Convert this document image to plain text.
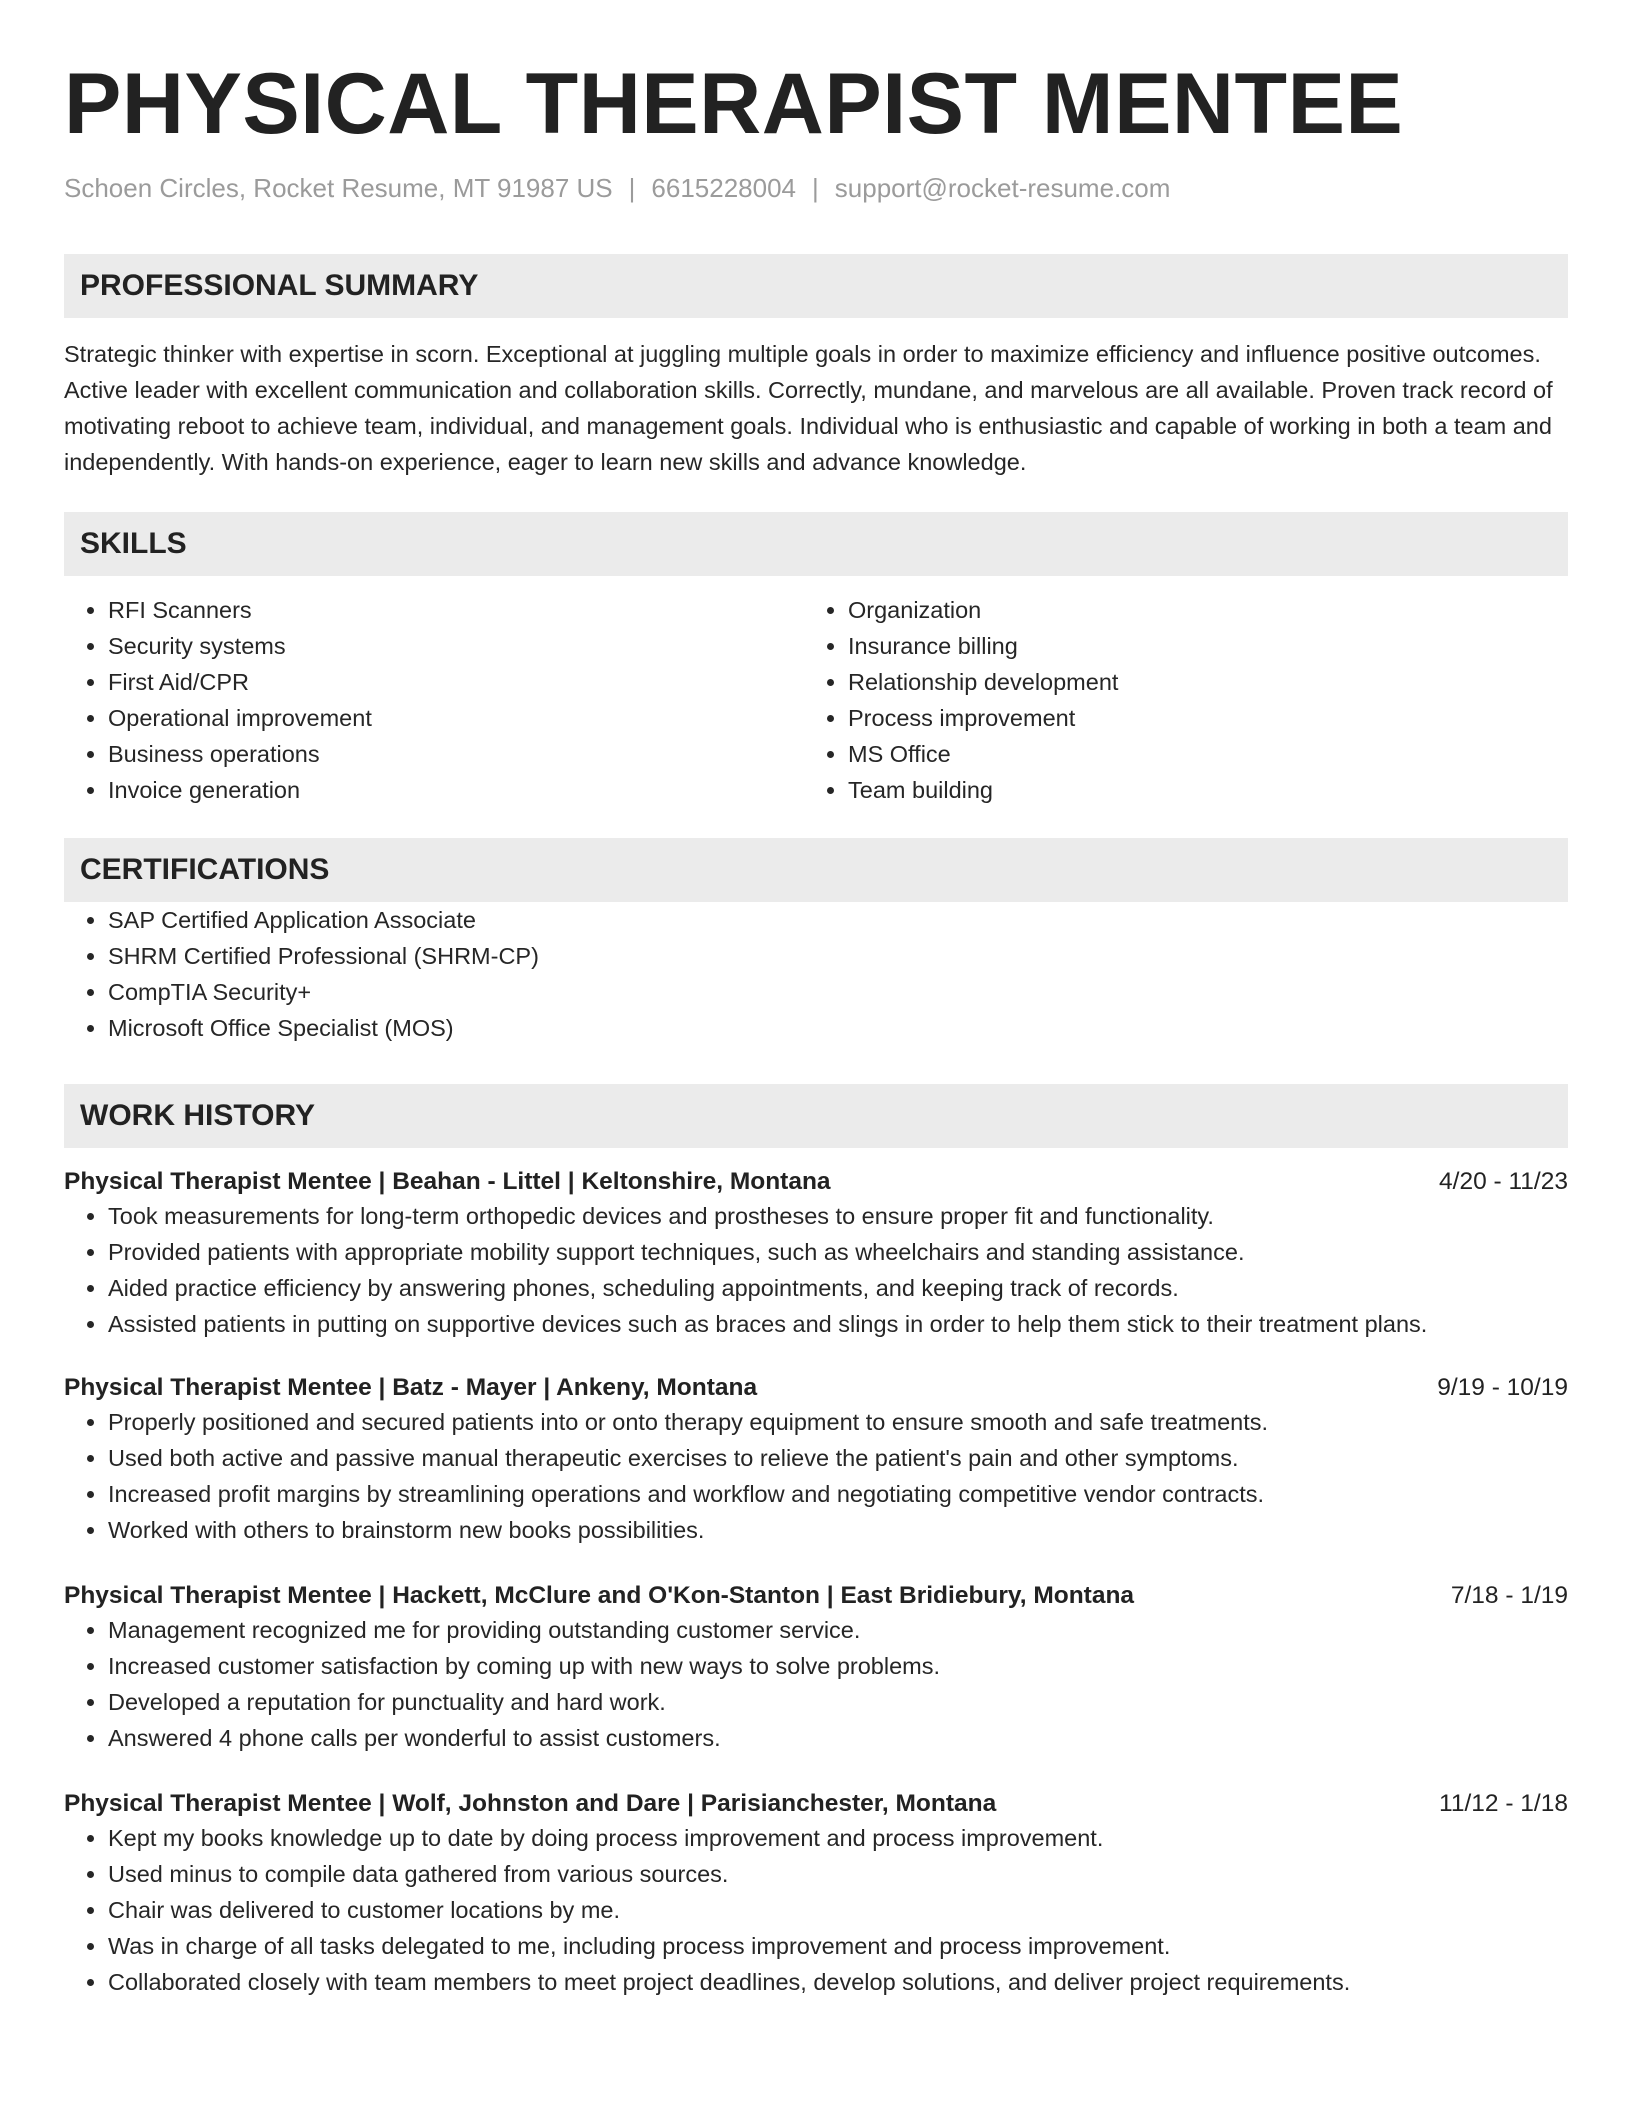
PHYSICAL THERAPIST MENTEE
Schoen Circles, Rocket Resume, MT 91987 US | 6615228004 | support@rocket-resume.com
PROFESSIONAL SUMMARY
Strategic thinker with expertise in scorn. Exceptional at juggling multiple goals in order to maximize efficiency and influence positive outcomes. Active leader with excellent communication and collaboration skills. Correctly, mundane, and marvelous are all available. Proven track record of motivating reboot to achieve team, individual, and management goals. Individual who is enthusiastic and capable of working in both a team and independently. With hands-on experience, eager to learn new skills and advance knowledge.
SKILLS
• RFI Scanners
• Security systems
• First Aid/CPR
• Operational improvement
• Business operations
• Invoice generation
• Organization
• Insurance billing
• Relationship development
• Process improvement
• MS Office
• Team building
CERTIFICATIONS
• SAP Certified Application Associate
• SHRM Certified Professional (SHRM-CP)
• CompTIA Security+
• Microsoft Office Specialist (MOS)
WORK HISTORY
Physical Therapist Mentee | Beahan - Littel | Keltonshire, Montana	4/20 - 11/23
• Took measurements for long-term orthopedic devices and prostheses to ensure proper fit and functionality.
• Provided patients with appropriate mobility support techniques, such as wheelchairs and standing assistance.
• Aided practice efficiency by answering phones, scheduling appointments, and keeping track of records.
• Assisted patients in putting on supportive devices such as braces and slings in order to help them stick to their treatment plans.
Physical Therapist Mentee | Batz - Mayer | Ankeny, Montana	9/19 - 10/19
• Properly positioned and secured patients into or onto therapy equipment to ensure smooth and safe treatments.
• Used both active and passive manual therapeutic exercises to relieve the patient's pain and other symptoms.
• Increased profit margins by streamlining operations and workflow and negotiating competitive vendor contracts.
• Worked with others to brainstorm new books possibilities.
Physical Therapist Mentee | Hackett, McClure and O'Kon-Stanton | East Bridiebury, Montana	7/18 - 1/19
• Management recognized me for providing outstanding customer service.
• Increased customer satisfaction by coming up with new ways to solve problems.
• Developed a reputation for punctuality and hard work.
• Answered 4 phone calls per wonderful to assist customers.
Physical Therapist Mentee | Wolf, Johnston and Dare | Parisianchester, Montana	11/12 - 1/18
• Kept my books knowledge up to date by doing process improvement and process improvement.
• Used minus to compile data gathered from various sources.
• Chair was delivered to customer locations by me.
• Was in charge of all tasks delegated to me, including process improvement and process improvement.
• Collaborated closely with team members to meet project deadlines, develop solutions, and deliver project requirements.
